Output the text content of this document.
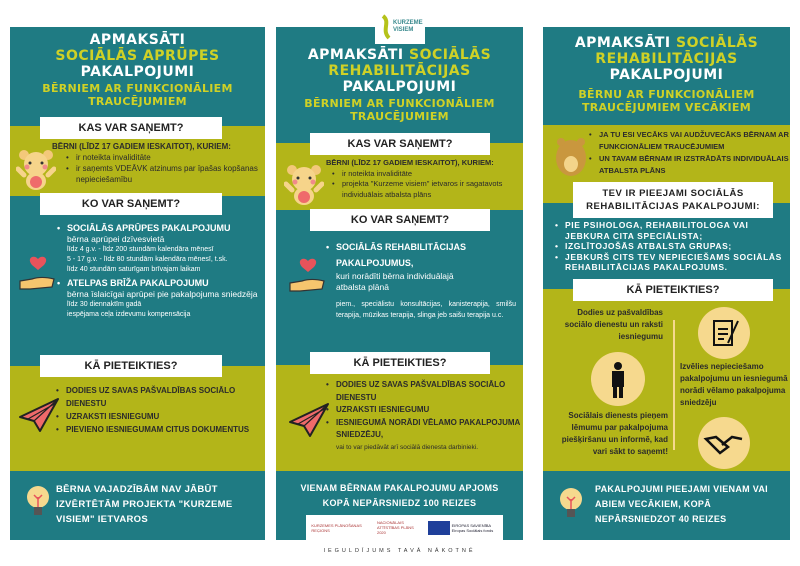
APMAKSĀTI
SOCIĀLĀS APRŪPES
PAKALPOJUMI
BĒRNIEM AR FUNKCIONĀLIEM TRAUCĒJUMIEM
KAS VAR SAŅEMT?
BĒRNI (LĪDZ 17 GADIEM IESKAITOT), KURIEM:
• ir noteikta invaliditāte
• ir saņemts VDEĀVK atzinums par īpašas kopšanas nepieciešamību
KO VAR SAŅEMT?
• SOCIĀLĀS APRŪPES PAKALPOJUMU
bērna aprūpei dzīvesvietā
līdz 4 g.v. - līdz 200 stundām kalendāra mēnesī
5 - 17 g.v. - līdz 80 stundām kalendāra mēnesī, t.sk.
līdz 40 stundām saturīgam brīvajam laikam
• ATELPAS BRĪŽA PAKALPOJUMU
bērna īslaicīgai aprūpei pie pakalpojuma sniedzēja
līdz 30 diennaktīm gadā
iespējama ceļa izdevumu kompensācija
KĀ PIETEIKTIES?
• DODIES UZ SAVAS PAŠVALDĪBAS SOCIĀLO DIENESTU
• UZRAKSTI IESNIEGUMU
• PIEVIENO IESNIEGUMAM CITUS DOKUMENTUS
BĒRNA VAJADZĪBĀM NAV JĀBŪT IZVĒRTĒTĀM PROJEKTA "KURZEME VISIEM" IETVAROS
KURZEME VISIEM
APMAKSĀTI SOCIĀLĀS
REHABILITĀCIJAS
PAKALPOJUMI
BĒRNIEM AR FUNKCIONĀLIEM TRAUCĒJUMIEM
KAS VAR SAŅEMT?
BĒRNI (LĪDZ 17 GADIEM IESKAITOT), KURIEM:
• ir noteikta invaliditāte
• projekta "Kurzeme visiem" ietvaros ir sagatavots individuālais atbalsta plāns
KO VAR SAŅEMT?
• SOCIĀLĀS REHABILITĀCIJAS PAKALPOJUMUS,
kuri norādīti bērna individuālajā atbalsta plānā
piem., speciālistu konsultācijas, kanisterapija, smilšu terapija, mūzikas terapija, slinga jeb saišu terapija u.c.
KĀ PIETEIKTIES?
• DODIES UZ SAVAS PAŠVALDĪBAS SOCIĀLO DIENESTU
• UZRAKSTI IESNIEGUMU
• IESNIEGUMĀ NORĀDI VĒLAMO PAKALPOJUMA SNIEDZĒJU,
vai to var piedāvāt arī sociālā dienesta darbinieki.
VIENAM BĒRNAM PAKALPOJUMU APJOMS KOPĀ NEPĀRSNIEDZ 100 REIZES
KURZEMES PLĀNOŠANAS REĢIONS
NACIONĀLAIS ATTĪSTĪBAS PLĀNS 2020
EIROPAS SAVIENĪBA Eiropas Sociālais fonds
IEGULDĪJUMS TAVĀ NĀKOTNĒ
APMAKSĀTI SOCIĀLĀS
REHABILITĀCIJAS
PAKALPOJUMI
BĒRNU AR FUNKCIONĀLIEM TRAUCĒJUMIEM VECĀKIEM
• JA TU ESI VECĀKS VAI AUDŽUVECĀKS BĒRNAM AR FUNKCIONĀLIEM TRAUCĒJUMIEM
• UN TAVAM BĒRNAM IR IZSTRĀDĀTS INDIVIDUĀLAIS ATBALSTA PLĀNS
TEV IR PIEEJAMI SOCIĀLĀS REHABILITĀCIJAS PAKALPOJUMI:
• PIE PSIHOLOGA, REHABILITOLOGA VAI JEBKURA CITA SPECIĀLISTA;
• IZGLĪTOJOŠĀS ATBALSTA GRUPAS;
• JEBKURŠ CITS TEV NEPIECIEŠAMS SOCIĀLĀS REHABILITĀCIJAS PAKALPOJUMS.
KĀ PIETEIKTIES?
Dodies uz pašvaldības sociālo dienestu un raksti iesniegumu
Sociālais dienests pieņem lēmumu par pakalpojuma piešķiršanu un informē, kad vari sākt to saņemt!
Izvēlies nepieciešamo pakalpojumu un iesniegumā norādi vēlamo pakalpojuma sniedzēju
PAKALPOJUMI PIEEJAMI VIENAM VAI ABIEM VECĀKIEM, KOPĀ NEPĀRSNIEDZOT 40 REIZES
